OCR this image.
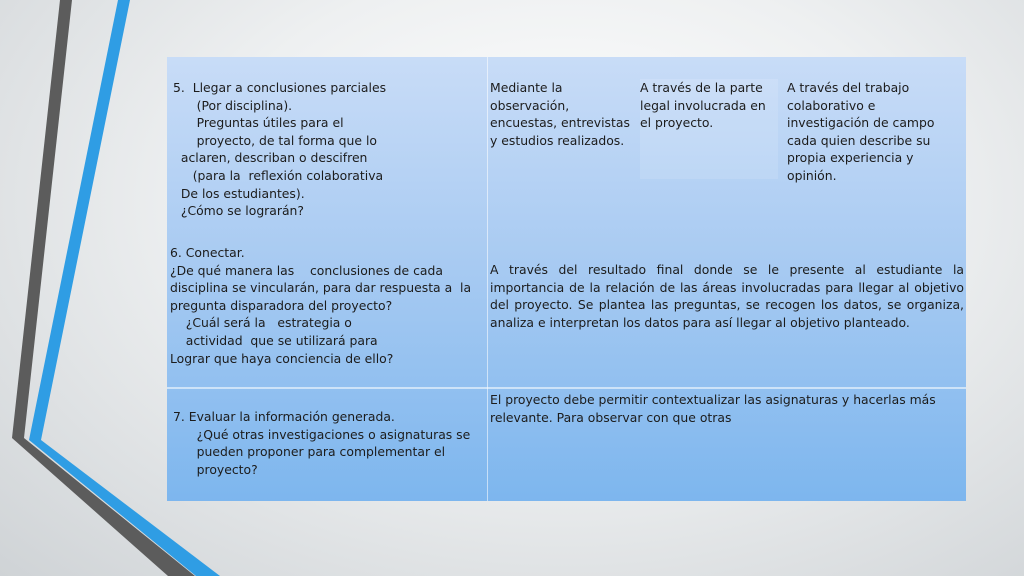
5.  Llegar a conclusiones parciales
(Por disciplina).
Preguntas útiles para el
proyecto, de tal forma que lo
aclaren, describan o descifren
(para la  reflexión colaborativa
De los estudiantes).
¿Cómo se lograrán?
Mediante la observación, encuestas, entrevistas y estudios realizados.
A través de la parte legal involucrada en el proyecto.
A través del trabajo colaborativo e investigación de campo cada quien describe su propia experiencia y opinión.
6. Conectar.
¿De qué manera las    conclusiones de cada
disciplina se vincularán, para dar respuesta a  la
pregunta disparadora del proyecto?
¿Cuál será la   estrategia o
actividad  que se utilizará para
Lograr que haya conciencia de ello?
A través del resultado final donde se le presente al estudiante la importancia de la relación de las áreas involucradas para llegar al objetivo del proyecto. Se plantea las preguntas, se recogen los datos, se organiza, analiza e interpretan los datos para así llegar al objetivo planteado.
7. Evaluar la información generada.
¿Qué otras investigaciones o asignaturas se
pueden proponer para complementar el
proyecto?
El proyecto debe permitir contextualizar las asignaturas y hacerlas más relevante. Para observar con que otras
